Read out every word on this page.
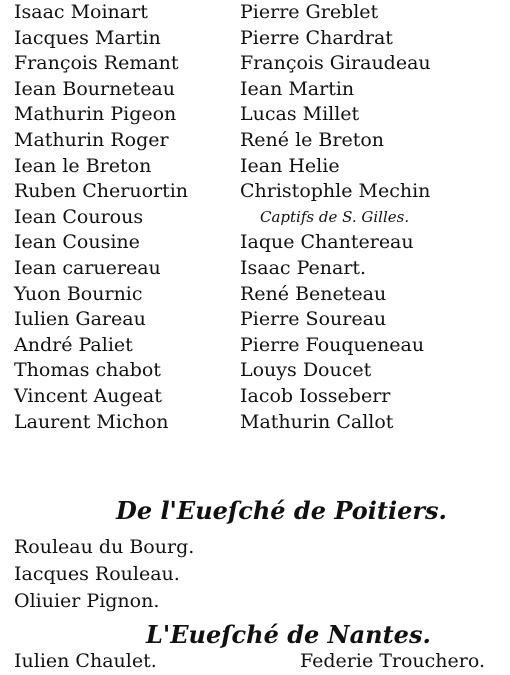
Isaac Moinart
Iacques Martin
François Remant
Iean Bourneteau
Mathurin Pigeon
Mathurin Roger
Iean le Breton
Ruben Cheruortin
Iean Courous
Iean Cousine
Iean caruereau
Yuon Bournic
Iulien Gareau
André Paliet
Thomas chabot
Vincent Augeat
Laurent Michon
Pierre Greblet
Pierre Chardrat
François Giraudeau
Iean Martin
Lucas Millet
René le Breton
Iean Helie
Christophle Mechin
Captifs de S. Gilles.
Iaque Chantereau
Isaac Penart.
René Beneteau
Pierre Soureau
Pierre Fouqueneau
Louys Doucet
Iacob Iosseberr
Mathurin Callot

De l'Eueſché de Poitiers.

Rouleau du Bourg.

Iacques Rouleau.

Oliuier Pignon.

L'Eueſché de Nantes.

Iulien Chaulet.	Federie Trouchero.
